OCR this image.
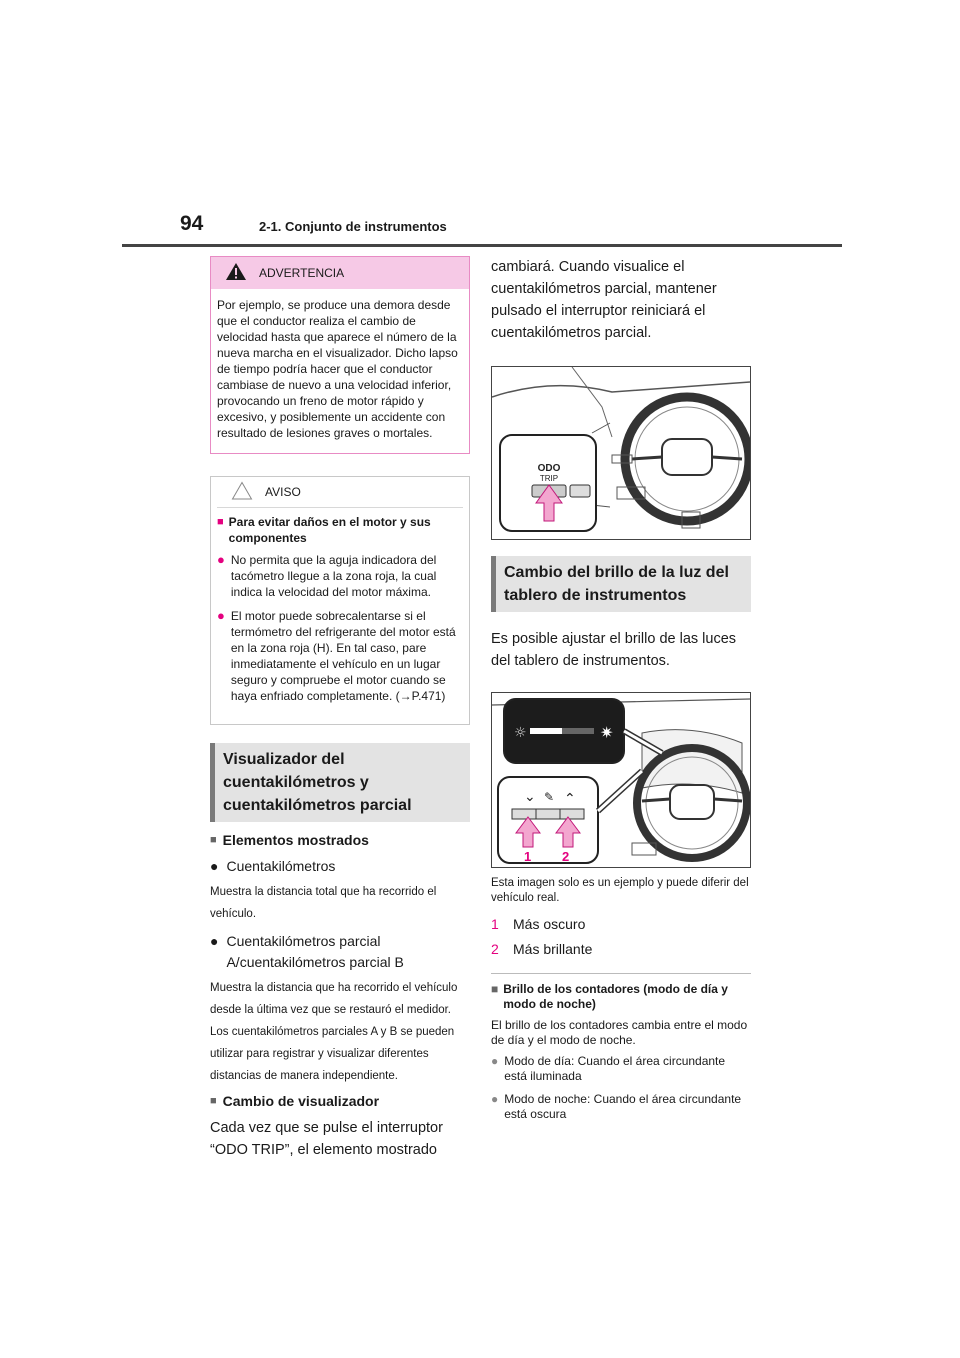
94	2-1. Conjunto de instrumentos
ADVERTENCIA
Por ejemplo, se produce una demora desde que el conductor realiza el cambio de velocidad hasta que aparece el número de la nueva marcha en el visualizador. Dicho lapso de tiempo podría hacer que el conductor cambiase de nuevo a una velocidad inferior, provocando un freno de motor rápido y excesivo, y posiblemente un accidente con resultado de lesiones graves o mortales.
AVISO
■ Para evitar daños en el motor y sus componentes
● No permita que la aguja indicadora del tacómetro llegue a la zona roja, la cual indica la velocidad del motor máxima.
● El motor puede sobrecalentarse si el termómetro del refrigerante del motor está en la zona roja (H). En tal caso, pare inmediatamente el vehículo en un lugar seguro y compruebe el motor cuando se haya enfriado completamente. (→P.471)
Visualizador del cuentakilómetros y cuentakilómetros parcial
■ Elementos mostrados
● Cuentakilómetros
Muestra la distancia total que ha recorrido el vehículo.
● Cuentakilómetros parcial A/cuentakilómetros parcial B
Muestra la distancia que ha recorrido el vehículo desde la última vez que se restauró el medidor. Los cuentakilómetros parciales A y B se pueden utilizar para registrar y visualizar diferentes distancias de manera independiente.
■ Cambio de visualizador
Cada vez que se pulse el interruptor “ODO TRIP”, el elemento mostrado
cambiará. Cuando visualice el cuentakilómetros parcial, mantener pulsado el interruptor reiniciará el cuentakilómetros parcial.
ODO
TRIP
Cambio del brillo de la luz del tablero de instrumentos
Es posible ajustar el brillo de las luces del tablero de instrumentos.
☼	✷
⌄ ✎ ⌃
1 2
Esta imagen solo es un ejemplo y puede diferir del vehículo real.
1 Más oscuro
2 Más brillante
■ Brillo de los contadores (modo de día y modo de noche)
El brillo de los contadores cambia entre el modo de día y el modo de noche.
● Modo de día: Cuando el área circundante está iluminada
● Modo de noche: Cuando el área circundante está oscura
